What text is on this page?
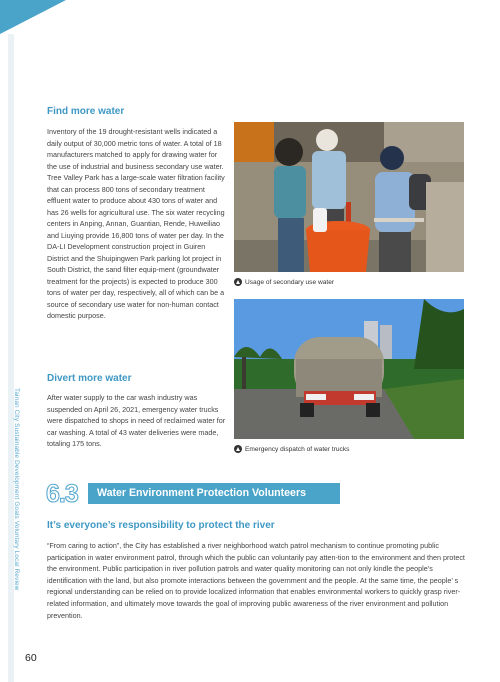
Tainan City Sustainable Development Goals Voluntary Local Review
Find more water
Inventory of the 19 drought-resistant wells indicated a daily output of 30,000 metric tons of water. A total of 18 manufacturers matched to apply for drawing water for the use of industrial and business secondary use water. Tree Valley Park has a large-scale water filtration facility that can process 800 tons of secondary treatment effluent water to produce about 430 tons of water and has 26 wells for agricultural use. The six water recycling centers in Anping, Annan, Guantian, Rende, Huweiliao and Liuying provide 16,800 tons of water per day. In the DA-LI Development construction project in Guiren District and the Shuipingwen Park parking lot project in South District, the sand filter equip-ment (groundwater treatment for the projects) is expected to produce 300 tons of water per day, respectively, all of which can be a source of secondary use water for non-human contact domestic purpose.
Usage of secondary use water
Emergency dispatch of water trucks
Divert more water
After water supply to the car wash industry was suspended on April 26, 2021, emergency water trucks were dispatched to shops in need of reclaimed water for car washing. A total of 43 water deliveries were made, totaling 175 tons.
6.3	Water Environment Protection Volunteers
It’s everyone’s responsibility to protect the river
“From caring to action”, the City has established a river neighborhood watch patrol mechanism to continue promoting public participation in water environment patrol, through which the public can voluntarily pay atten-tion to the environment and then protect the environment. Public participation in river pollution patrols and water quality monitoring can not only kindle the people’s identification with the land, but also promote interactions between the government and the people. At the same time, the people’ s regional understanding can be relied on to provide localized information that enables environmental workers to quickly grasp river-related information, and ultimately move towards the goal of improving public awareness of the river environment and pollution prevention.
60
